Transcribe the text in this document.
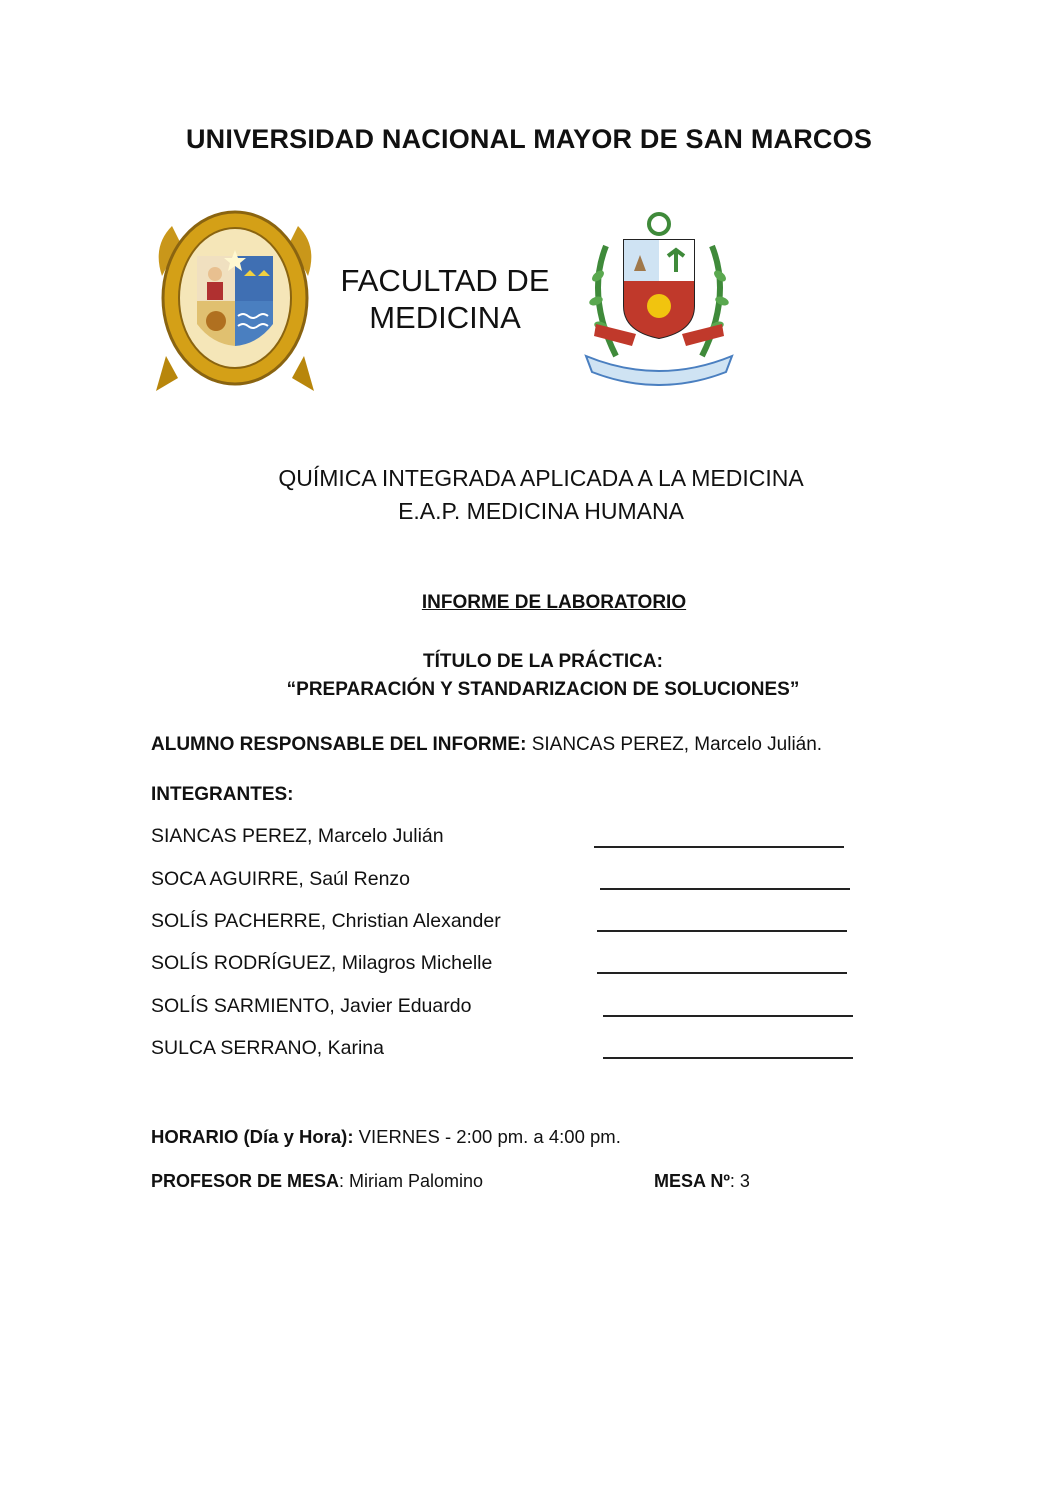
UNIVERSIDAD NACIONAL MAYOR DE SAN MARCOS
FACULTAD DE
MEDICINA
QUÍMICA INTEGRADA APLICADA A LA MEDICINA
E.A.P. MEDICINA HUMANA
INFORME DE LABORATORIO
TÍTULO DE LA PRÁCTICA:
“PREPARACIÓN Y STANDARIZACION DE SOLUCIONES”
ALUMNO RESPONSABLE DEL INFORME: SIANCAS PEREZ, Marcelo Julián.
INTEGRANTES:
SIANCAS PEREZ, Marcelo Julián
SOCA AGUIRRE, Saúl Renzo
SOLÍS PACHERRE, Christian Alexander
SOLÍS RODRÍGUEZ, Milagros Michelle
SOLÍS SARMIENTO, Javier Eduardo
SULCA SERRANO, Karina
HORARIO (Día y Hora): VIERNES - 2:00 pm. a 4:00 pm.
PROFESOR DE MESA: Miriam Palomino	MESA Nº: 3
